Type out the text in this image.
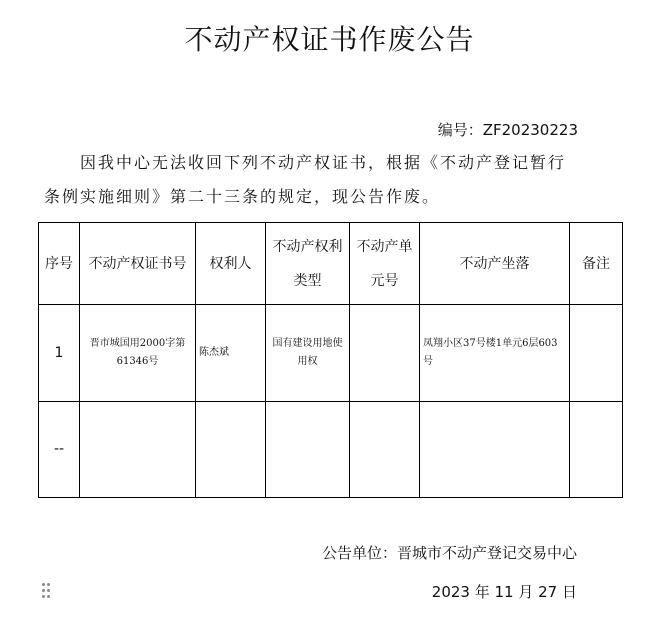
不动产权证书作废公告
编号：ZF20230223
因我中心无法收回下列不动产权证书，根据《不动产登记暂行条例实施细则》第二十三条的规定，现公告作废。
序号	不动产权证书号	权利人	不动产权利类型	不动产单元号	不动产坐落	备注
1	晋市城国用2000字第61346号	陈杰斌	国有建设用地使用权		凤翔小区37号楼1单元6层603号	
--						
公告单位：晋城市不动产登记交易中心
2023 年 11 月 27 日
